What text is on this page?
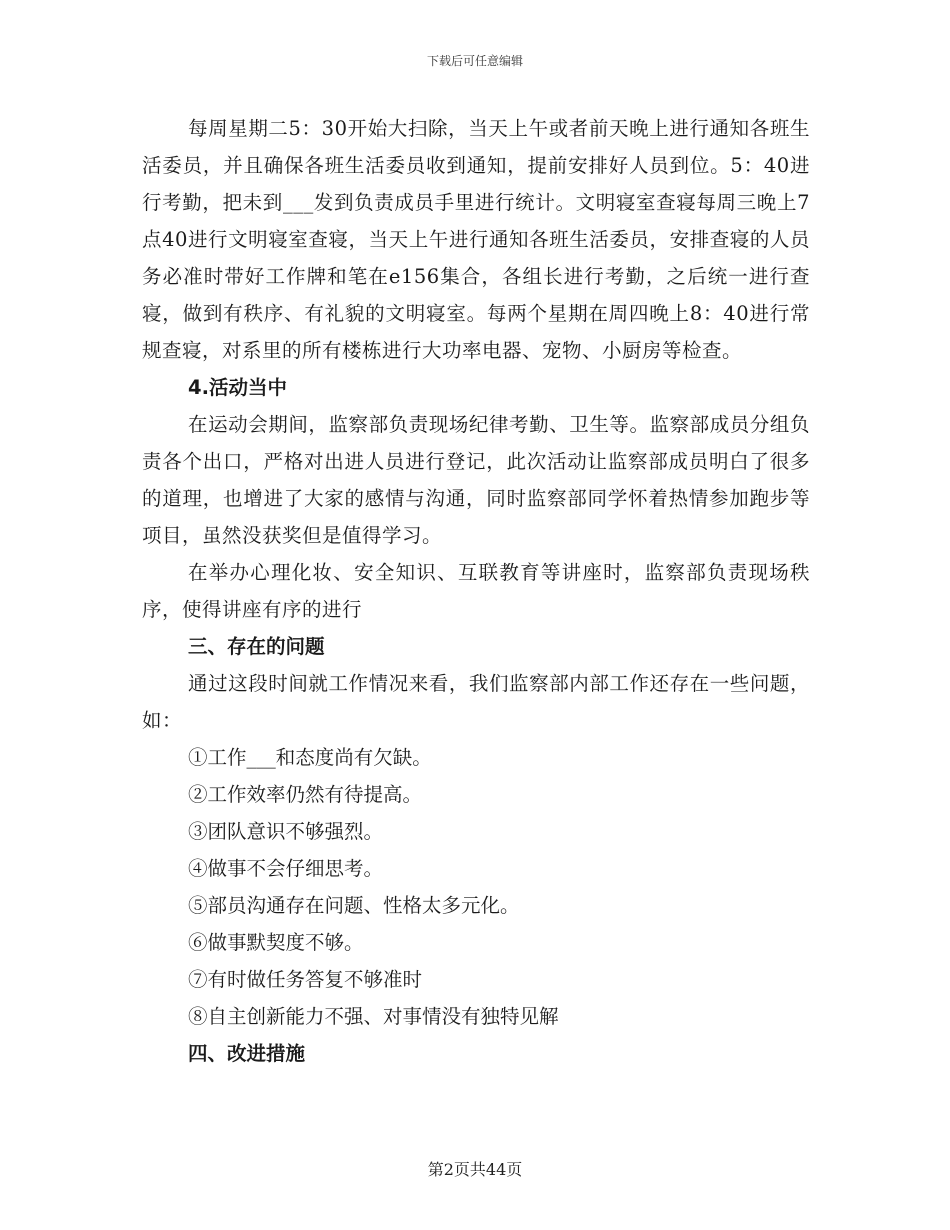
下载后可任意编辑

每周星期二5：30开始大扫除，当天上午或者前天晚上进行通知各班生活委员，并且确保各班生活委员收到通知，提前安排好人员到位。5：40进行考勤，把未到___发到负责成员手里进行统计。文明寝室查寝每周三晚上7点40进行文明寝室查寝，当天上午进行通知各班生活委员，安排查寝的人员务必准时带好工作牌和笔在e156集合，各组长进行考勤，之后统一进行查寝，做到有秩序、有礼貌的文明寝室。每两个星期在周四晚上8：40进行常规查寝，对系里的所有楼栋进行大功率电器、宠物、小厨房等检查。

4.活动当中

在运动会期间，监察部负责现场纪律考勤、卫生等。监察部成员分组负责各个出口，严格对出进人员进行登记，此次活动让监察部成员明白了很多的道理，也增进了大家的感情与沟通，同时监察部同学怀着热情参加跑步等项目，虽然没获奖但是值得学习。

在举办心理化妆、安全知识、互联教育等讲座时，监察部负责现场秩序，使得讲座有序的进行

三、存在的问题

通过这段时间就工作情况来看，我们监察部内部工作还存在一些问题，如：

①工作___和态度尚有欠缺。

②工作效率仍然有待提高。

③团队意识不够强烈。

④做事不会仔细思考。

⑤部员沟通存在问题、性格太多元化。

⑥做事默契度不够。

⑦有时做任务答复不够准时

⑧自主创新能力不强、对事情没有独特见解

四、改进措施

第2页共44页
